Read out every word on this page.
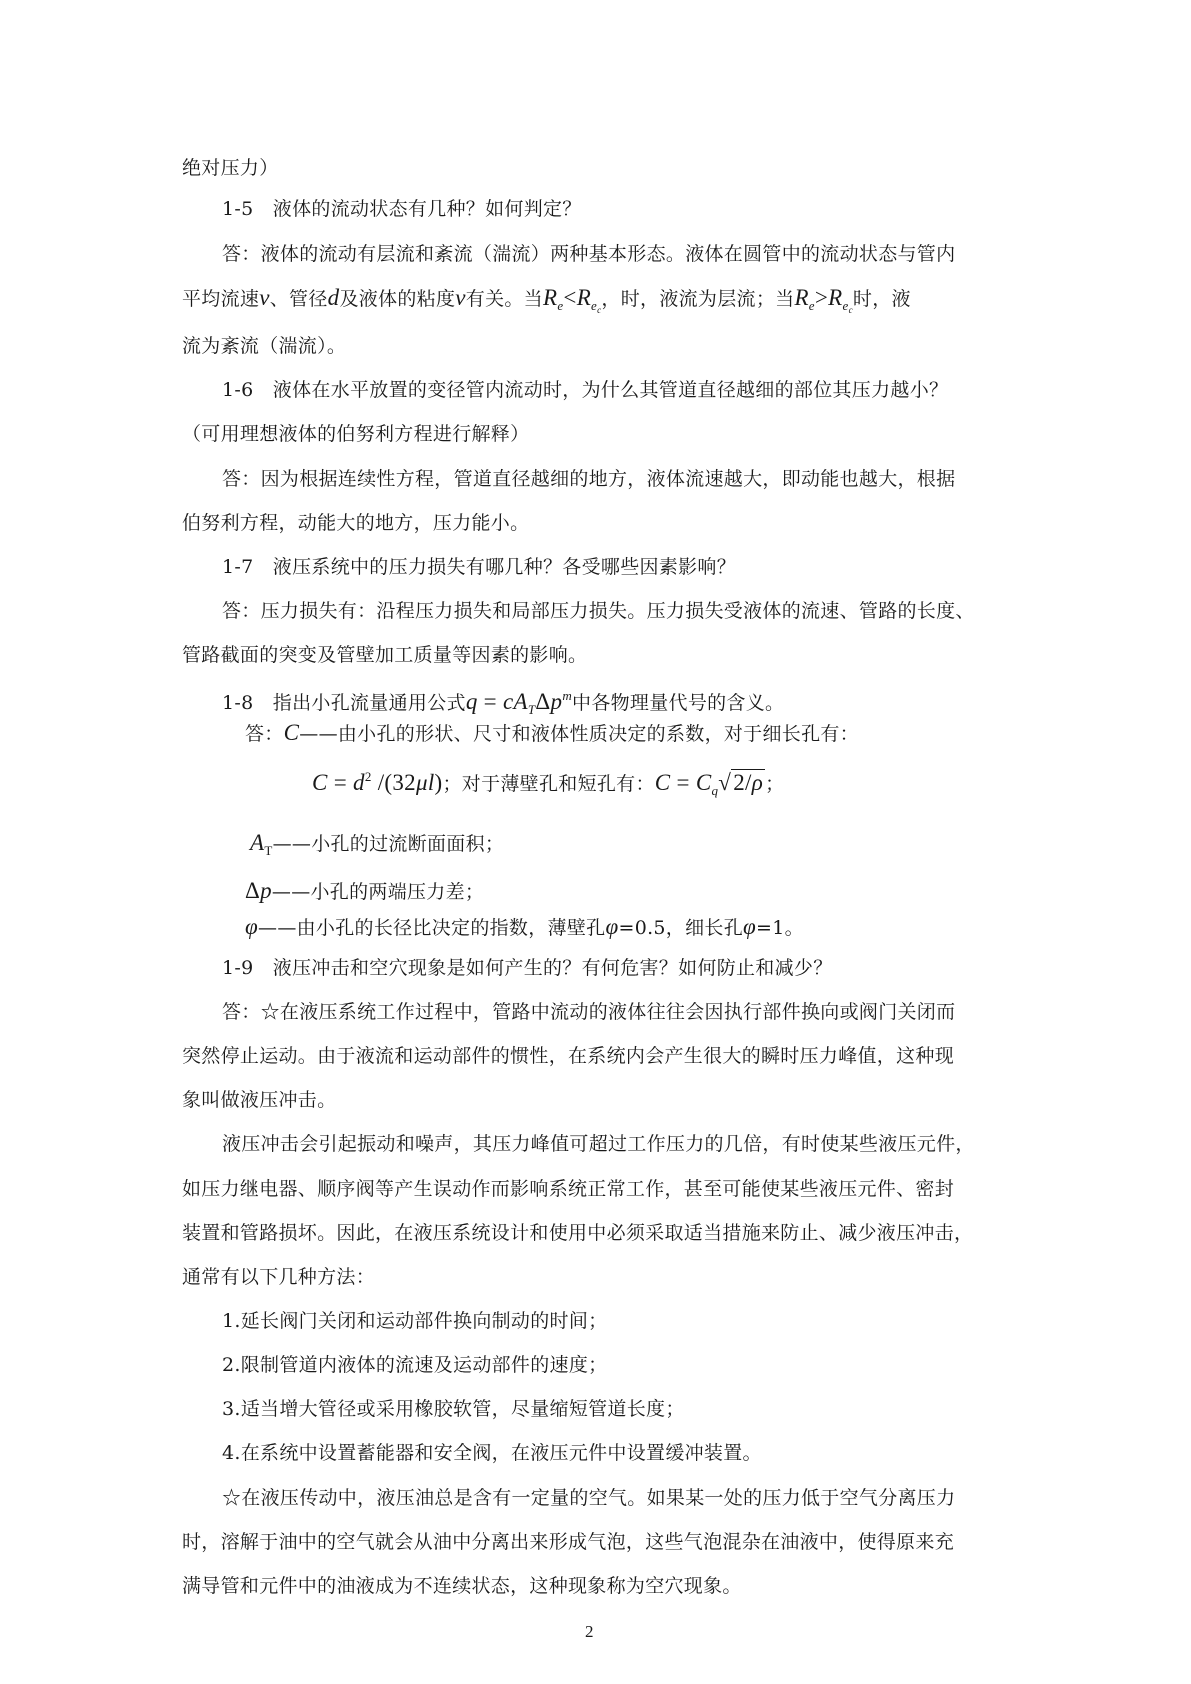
绝对压力）
1-5　液体的流动状态有几种？如何判定？
答：液体的流动有层流和紊流（湍流）两种基本形态。液体在圆管中的流动状态与管内
平均流速v、管径d及液体的粘度ν有关。当$R_e<R_{e_c}$，时，液流为层流；当$R_e>R_{e_c}$时，液
流为紊流（湍流）。
1-6　液体在水平放置的变径管内流动时，为什么其管道直径越细的部位其压力越小？
（可用理想液体的伯努利方程进行解释）
答：因为根据连续性方程，管道直径越细的地方，液体流速越大，即动能也越大，根据
伯努利方程，动能大的地方，压力能小。
1-7　液压系统中的压力损失有哪几种？各受哪些因素影响？
答：压力损失有：沿程压力损失和局部压力损失。压力损失受液体的流速、管路的长度、
管路截面的突变及管壁加工质量等因素的影响。
1-8　指出小孔流量通用公式$q = cA_T\Delta p^m$中各物理量代号的含义。
答：C——由小孔的形状、尺寸和液体性质决定的系数，对于细长孔有：
$C = d^2$ /(32μl)；对于薄壁孔和短孔有：$C = C_q√2/\rho$ ；
$A_T——$小孔的过流断面面积；
Δp——小孔的两端压力差；
φ——由小孔的长径比决定的指数，薄壁孔φ=0.5，细长孔φ=1。
1-9　液压冲击和空穴现象是如何产生的？有何危害？如何防止和减少？
答：☆在液压系统工作过程中，管路中流动的液体往往会因执行部件换向或阀门关闭而
突然停止运动。由于液流和运动部件的惯性，在系统内会产生很大的瞬时压力峰值，这种现
象叫做液压冲击。
液压冲击会引起振动和噪声，其压力峰值可超过工作压力的几倍，有时使某些液压元件，
如压力继电器、顺序阀等产生误动作而影响系统正常工作，甚至可能使某些液压元件、密封
装置和管路损坏。因此，在液压系统设计和使用中必须采取适当措施来防止、减少液压冲击，
通常有以下几种方法：
1.延长阀门关闭和运动部件换向制动的时间；
2.限制管道内液体的流速及运动部件的速度；
3.适当增大管径或采用橡胶软管，尽量缩短管道长度；
4.在系统中设置蓄能器和安全阀，在液压元件中设置缓冲装置。
☆在液压传动中，液压油总是含有一定量的空气。如果某一处的压力低于空气分离压力
时，溶解于油中的空气就会从油中分离出来形成气泡，这些气泡混杂在油液中，使得原来充
满导管和元件中的油液成为不连续状态，这种现象称为空穴现象。
2
